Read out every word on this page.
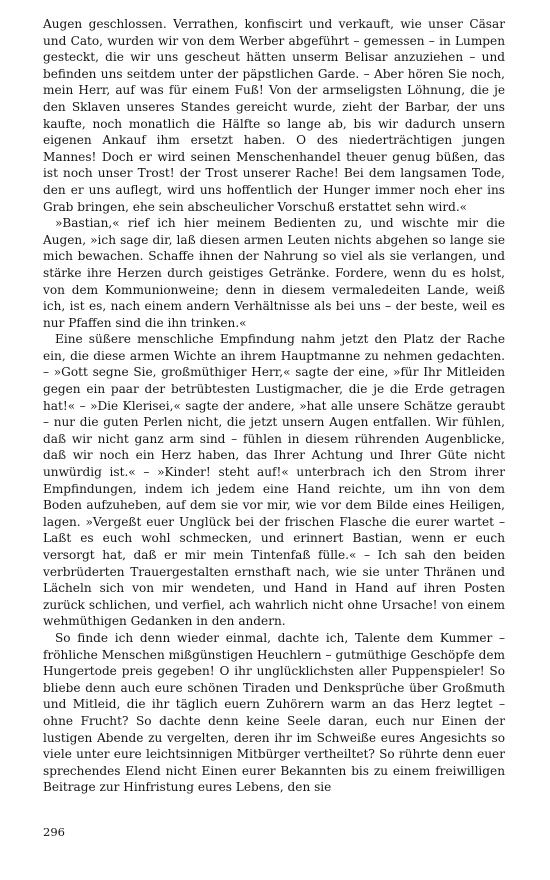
Augen geschlossen. Verrathen, konfiscirt und verkauft, wie unser Cäsar und Cato, wurden wir von dem Werber abgeführt – gemessen – in Lumpen gesteckt, die wir uns gescheut hätten unserm Belisar anzuziehen – und befinden uns seitdem unter der päpstlichen Garde. – Aber hören Sie noch, mein Herr, auf was für einem Fuß! Von der armseligsten Löhnung, die je den Sklaven unseres Standes gereicht wurde, zieht der Barbar, der uns kaufte, noch monatlich die Hälfte so lange ab, bis wir dadurch unsern eigenen Ankauf ihm ersetzt haben. O des niederträchtigen jungen Mannes! Doch er wird seinen Menschenhandel theuer genug büßen, das ist noch unser Trost! der Trost unserer Rache! Bei dem langsamen Tode, den er uns auflegt, wird uns hoffentlich der Hunger immer noch eher ins Grab bringen, ehe sein abscheulicher Vorschuß erstattet sehn wird.«

»Bastian,« rief ich hier meinem Bedienten zu, und wischte mir die Augen, »ich sage dir, laß diesen armen Leuten nichts abgehen so lange sie mich bewachen. Schaffe ihnen der Nahrung so viel als sie verlangen, und stärke ihre Herzen durch geistiges Getränke. Fordere, wenn du es holst, von dem Kommunionweine; denn in diesem vermaledeiten Lande, weiß ich, ist es, nach einem andern Verhältnisse als bei uns – der beste, weil es nur Pfaffen sind die ihn trinken.«

Eine süßere menschliche Empfindung nahm jetzt den Platz der Rache ein, die diese armen Wichte an ihrem Hauptmanne zu nehmen gedachten. – »Gott segne Sie, großmüthiger Herr,« sagte der eine, »für Ihr Mitleiden gegen ein paar der betrübtesten Lustigmacher, die je die Erde getragen hat!« – »Die Klerisei,« sagte der andere, »hat alle unsere Schätze geraubt – nur die guten Perlen nicht, die jetzt unsern Augen entfallen. Wir fühlen, daß wir nicht ganz arm sind – fühlen in diesem rührenden Augenblicke, daß wir noch ein Herz haben, das Ihrer Achtung und Ihrer Güte nicht unwürdig ist.« – »Kinder! steht auf!« unterbrach ich den Strom ihrer Empfindungen, indem ich jedem eine Hand reichte, um ihn von dem Boden aufzuheben, auf dem sie vor mir, wie vor dem Bilde eines Heiligen, lagen. »Vergeßt euer Unglück bei der frischen Flasche die eurer wartet – Laßt es euch wohl schmecken, und erinnert Bastian, wenn er euch versorgt hat, daß er mir mein Tintenfaß fülle.« – Ich sah den beiden verbrüderten Trauergestalten ernsthaft nach, wie sie unter Thränen und Lächeln sich von mir wendeten, und Hand in Hand auf ihren Posten zurück schlichen, und verfiel, ach wahrlich nicht ohne Ursache! von einem wehmüthigen Gedanken in den andern.

So finde ich denn wieder einmal, dachte ich, Talente dem Kummer – fröhliche Menschen mißgünstigen Heuchlern – gutmüthige Geschöpfe dem Hungertode preis gegeben! O ihr unglücklichsten aller Puppenspieler! So bliebe denn auch eure schönen Tiraden und Denksprüche über Großmuth und Mitleid, die ihr täglich euern Zuhörern warm an das Herz legtet – ohne Frucht? So dachte denn keine Seele daran, euch nur Einen der lustigen Abende zu vergelten, deren ihr im Schweiße eures Angesichts so viele unter eure leichtsinnigen Mitbürger vertheiltet? So rührte denn euer sprechendes Elend nicht Einen eurer Bekannten bis zu einem freiwilligen Beitrage zur Hinfristung eures Lebens, den sie

296
